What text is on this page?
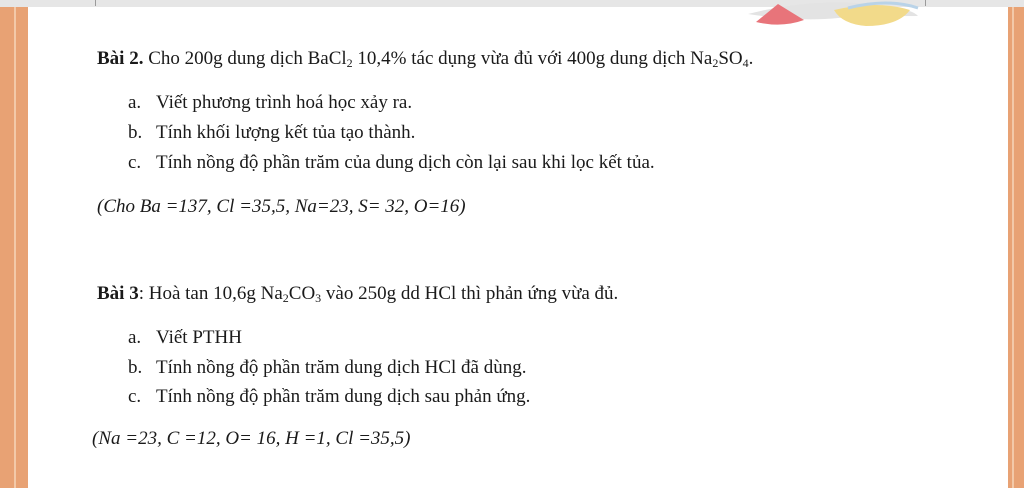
Bài 2. Cho 200g dung dịch BaCl$_2$ 10,4% tác dụng vừa đủ với 400g dung dịch $Na_2SO_4$.
a. Viết phương trình hoá học xảy ra.
b. Tính khối lượng kết tủa tạo thành.
c. Tính nồng độ phần trăm của dung dịch còn lại sau khi lọc kết tủa.
(Cho Ba =137, Cl =35,5, Na=23, S= 32, O=16)
Bài 3: Hoà tan 10,6g $Na_2CO_3$ vào 250g dd HCl thì phản ứng vừa đủ.
a. Viết PTHH
b. Tính nồng độ phần trăm dung dịch HCl đã dùng.
c. Tính nồng độ phần trăm dung dịch sau phản ứng.
(Na =23, C =12, O= 16, H =1, Cl =35,5)
